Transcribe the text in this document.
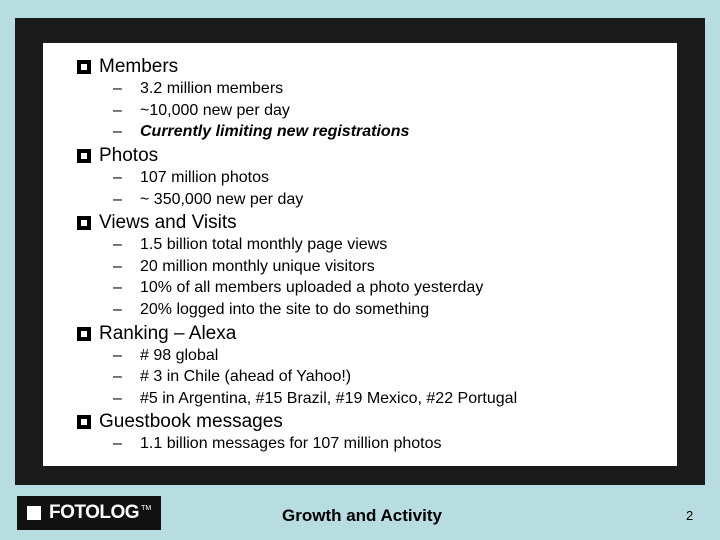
Members
– 3.2 million members
– ~10,000 new per day
– Currently limiting new registrations
Photos
– 107 million photos
– ~ 350,000 new per day
Views and Visits
– 1.5 billion total monthly page views
– 20 million monthly unique visitors
– 10% of all members uploaded a photo yesterday
– 20% logged into the site to do something
Ranking – Alexa
– # 98 global
– # 3 in Chile (ahead of Yahoo!)
– #5 in Argentina, #15 Brazil, #19 Mexico, #22 Portugal
Guestbook messages
– 1.1 billion messages for 107 million photos
FOTOLOG TM	Growth and Activity	2
